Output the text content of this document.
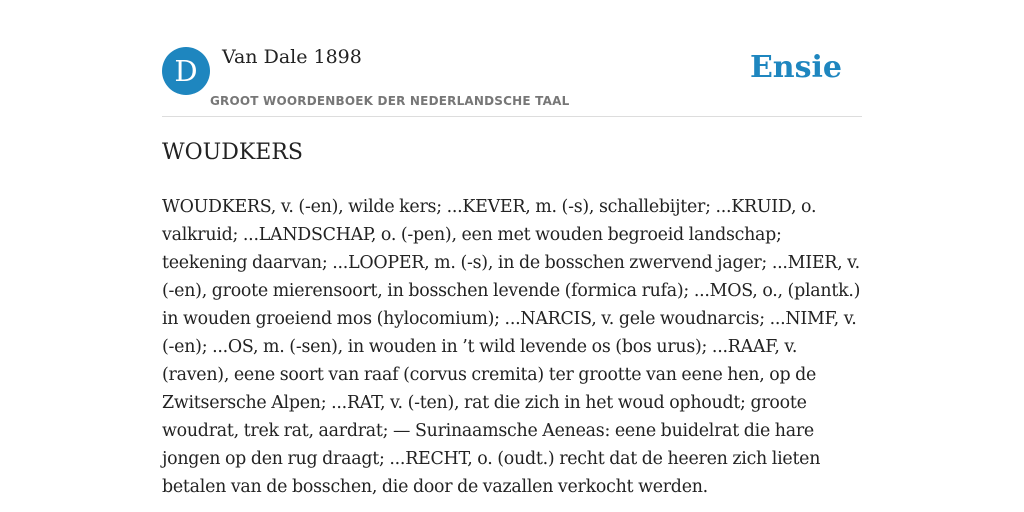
D	Van Dale 1898
GROOT WOORDENBOEK DER NEDERLANDSCHE TAAL
Ensie
WOUDKERS

WOUDKERS, v. (-en), wilde kers; ...KEVER, m. (-s), schallebijter; ...KRUID, o. valkruid; ...LANDSCHAP, o. (-pen), een met wouden begroeid landschap; teekening daarvan; ...LOOPER, m. (-s), in de bosschen zwervend jager; ...MIER, v. (-en), groote mierensoort, in bosschen levende (formica rufa); ...MOS, o., (plantk.) in wouden groeiend mos (hylocomium); ...NARCIS, v. gele woudnarcis; ...NIMF, v. (-en); ...OS, m. (-sen), in wouden in ’t wild levende os (bos urus); ...RAAF, v. (raven), eene soort van raaf (corvus cremita) ter grootte van eene hen, op de Zwitsersche Alpen; ...RAT, v. (-ten), rat die zich in het woud ophoudt; groote woudrat, trek rat, aardrat; — Surinaamsche Aeneas: eene buidelrat die hare jongen op den rug draagt; ...RECHT, o. (oudt.) recht dat de heeren zich lieten betalen van de bosschen, die door de vazallen verkocht werden.
